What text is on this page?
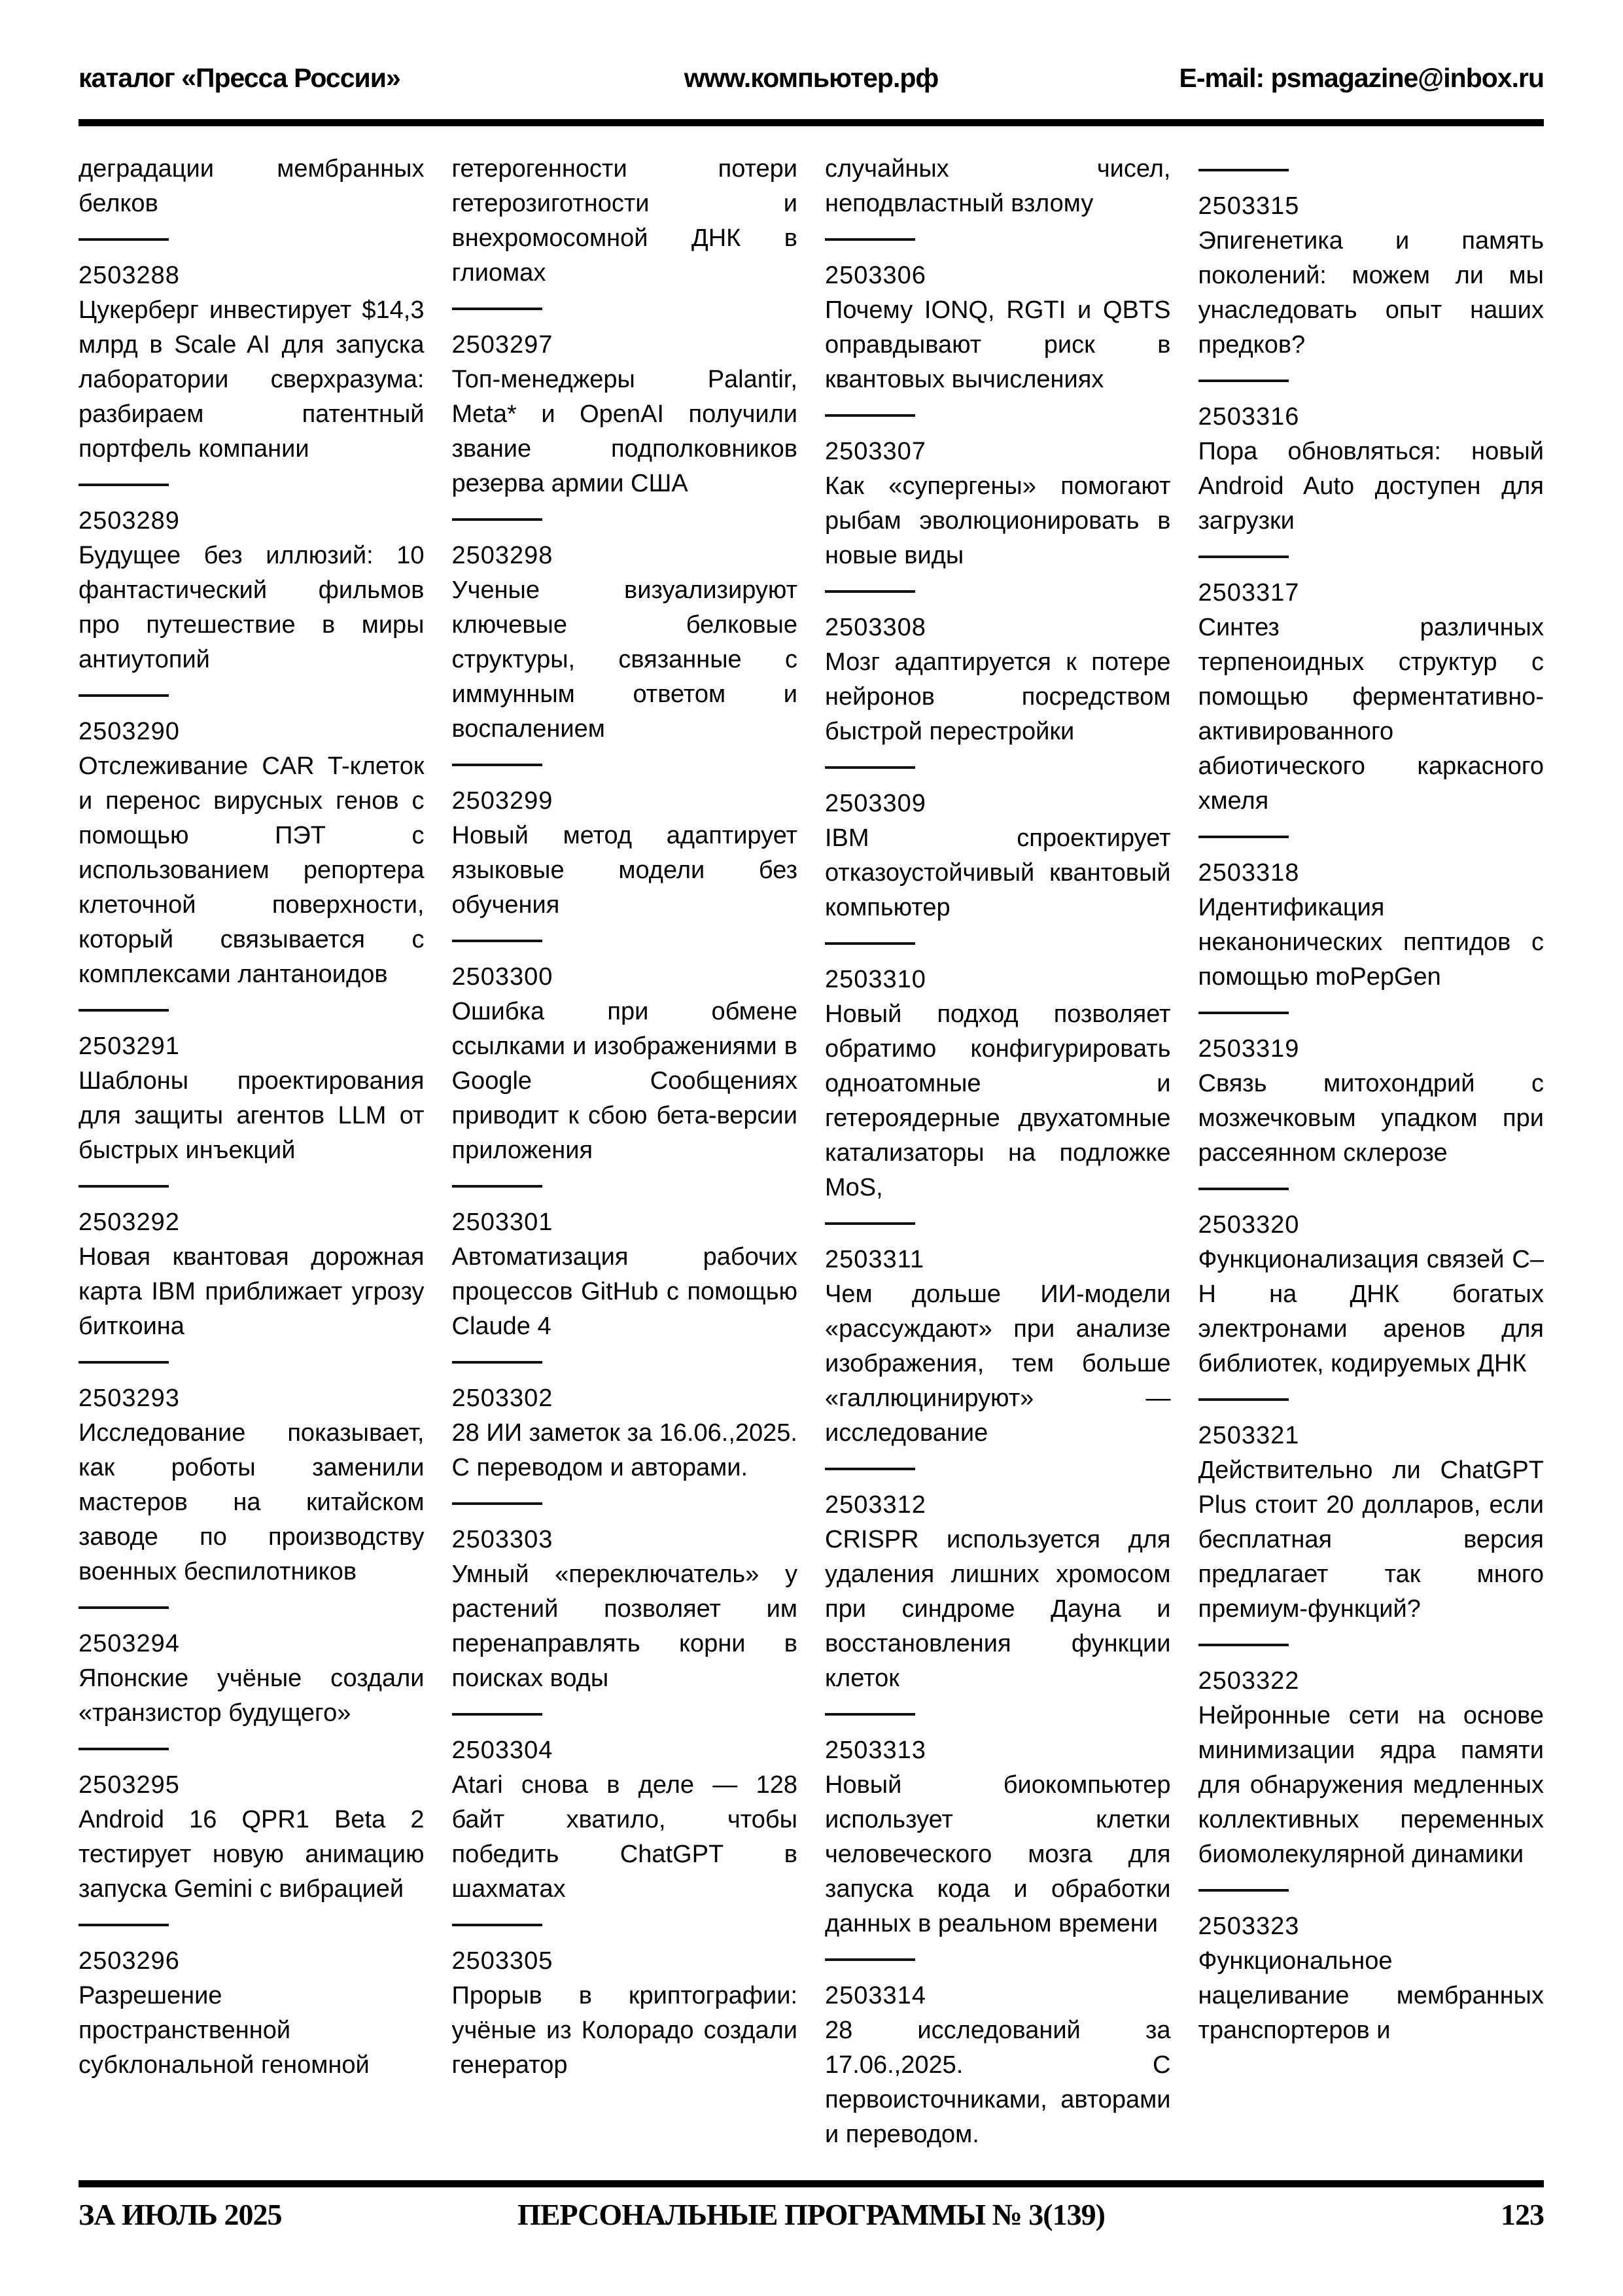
каталог «Пресса России»	www.компьютер.рф	E-mail: psmagazine@inbox.ru
деградации мембранных белков
2503288
Цукерберг инвестирует $14,3 млрд в Scale AI для запуска лаборатории сверхразума: разбираем патентный портфель компании
2503289
Будущее без иллюзий: 10 фантастический фильмов про путешествие в миры антиутопий
2503290
Отслеживание CAR T-клеток и перенос вирусных генов с помощью ПЭТ с использованием репортера клеточной поверхности, который связывается с комплексами лантаноидов
2503291
Шаблоны проектирования для защиты агентов LLM от быстрых инъекций
2503292
Новая квантовая дорожная карта IBM приближает угрозу биткоина
2503293
Исследование показывает, как роботы заменили мастеров на китайском заводе по производству военных беспилотников
2503294
Японские учёные создали «транзистор будущего»
2503295
Android 16 QPR1 Beta 2 тестирует новую анимацию запуска Gemini с вибрацией
2503296
Разрешение пространственной субклональной геномной
гетерогенности потери гетерозиготности и внехромосомной ДНК в глиомах
2503297
Топ-менеджеры Palantir, Meta* и OpenAI получили звание подполковников резерва армии США
2503298
Ученые визуализируют ключевые белковые структуры, связанные с иммунным ответом и воспалением
2503299
Новый метод адаптирует языковые модели без обучения
2503300
Ошибка при обмене ссылками и изображениями в Google Сообщениях приводит к сбою бета-версии приложения
2503301
Автоматизация рабочих процессов GitHub с помощью Claude 4
2503302
28 ИИ заметок за 16.06.,2025. С переводом и авторами.
2503303
Умный «переключатель» у растений позволяет им перенаправлять корни в поисках воды
2503304
Atari снова в деле — 128 байт хватило, чтобы победить ChatGPT в шахматах
2503305
Прорыв в криптографии: учёные из Колорадо создали генератор
случайных чисел, неподвластный взлому
2503306
Почему IONQ, RGTI и QBTS оправдывают риск в квантовых вычислениях
2503307
Как «супергены» помогают рыбам эволюционировать в новые виды
2503308
Мозг адаптируется к потере нейронов посредством быстрой перестройки
2503309
IBM спроектирует отказоустойчивый квантовый компьютер
2503310
Новый подход позволяет обратимо конфигурировать одноатомные и гетероядерные двухатомные катализаторы на подложке MoS,
2503311
Чем дольше ИИ-модели «рассуждают» при анализе изображения, тем больше «галлюцинируют» — исследование
2503312
CRISPR используется для удаления лишних хромосом при синдроме Дауна и восстановления функции клеток
2503313
Новый биокомпьютер использует клетки человеческого мозга для запуска кода и обработки данных в реальном времени
2503314
28 исследований за 17.06.,2025. С первоисточниками, авторами и переводом.
2503315
Эпигенетика и память поколений: можем ли мы унаследовать опыт наших предков?
2503316
Пора обновляться: новый Android Auto доступен для загрузки
2503317
Синтез различных терпеноидных структур с помощью ферментативно-активированного абиотического каркасного хмеля
2503318
Идентификация неканонических пептидов с помощью moPepGen
2503319
Связь митохондрий с мозжечковым упадком при рассеянном склерозе
2503320
Функционализация связей С–Н на ДНК богатых электронами аренов для библиотек, кодируемых ДНК
2503321
Действительно ли ChatGPT Plus стоит 20 долларов, если бесплатная версия предлагает так много премиум-функций?
2503322
Нейронные сети на основе минимизации ядра памяти для обнаружения медленных коллективных переменных биомолекулярной динамики
2503323
Функциональное нацеливание мембранных транспортеров и
ЗА ИЮЛЬ 2025	ПЕРСОНАЛЬНЫЕ ПРОГРАММЫ № 3(139)	123
